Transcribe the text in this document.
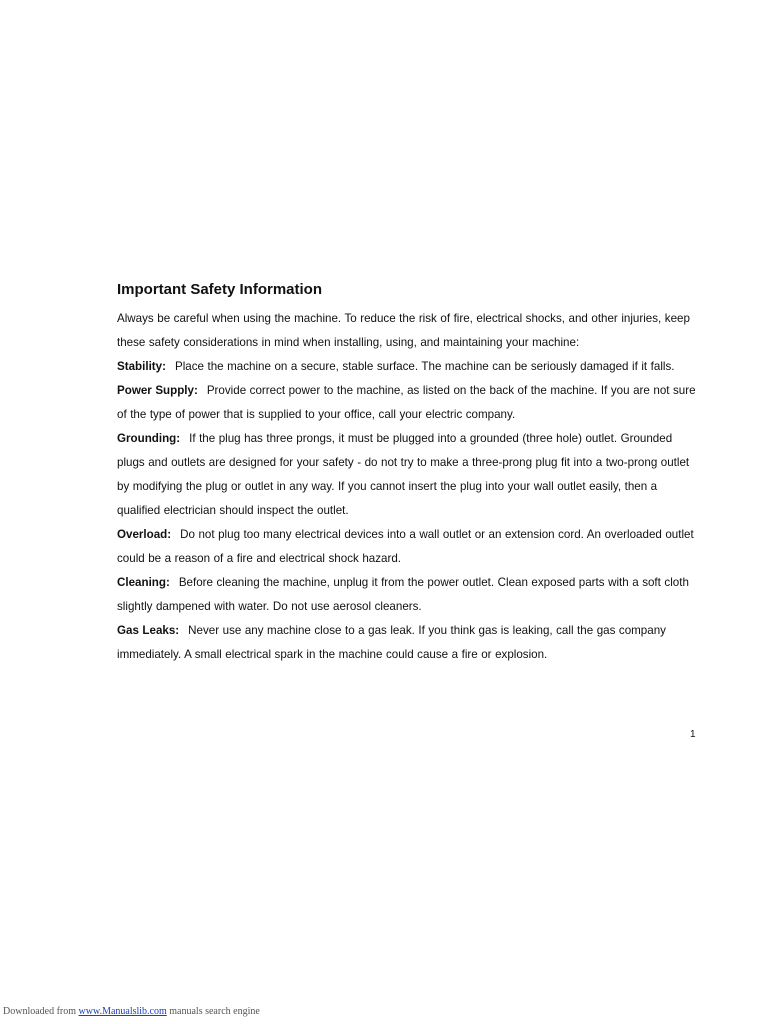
Important Safety Information

Always be careful when using the machine. To reduce the risk of fire, electrical shocks, and other injuries, keep these safety considerations in mind when installing, using, and maintaining your machine:

Stability: Place the machine on a secure, stable surface. The machine can be seriously damaged if it falls.

Power Supply: Provide correct power to the machine, as listed on the back of the machine. If you are not sure of the type of power that is supplied to your office, call your electric company.

Grounding: If the plug has three prongs, it must be plugged into a grounded (three hole) outlet. Grounded plugs and outlets are designed for your safety - do not try to make a three-prong plug fit into a two-prong outlet by modifying the plug or outlet in any way. If you cannot insert the plug into your wall outlet easily, then a qualified electrician should inspect the outlet.

Overload: Do not plug too many electrical devices into a wall outlet or an extension cord. An overloaded outlet could be a reason of a fire and electrical shock hazard.

Cleaning: Before cleaning the machine, unplug it from the power outlet. Clean exposed parts with a soft cloth slightly dampened with water. Do not use aerosol cleaners.

Gas Leaks: Never use any machine close to a gas leak. If you think gas is leaking, call the gas company immediately. A small electrical spark in the machine could cause a fire or explosion.

1
Downloaded from www.Manualslib.com manuals search engine
